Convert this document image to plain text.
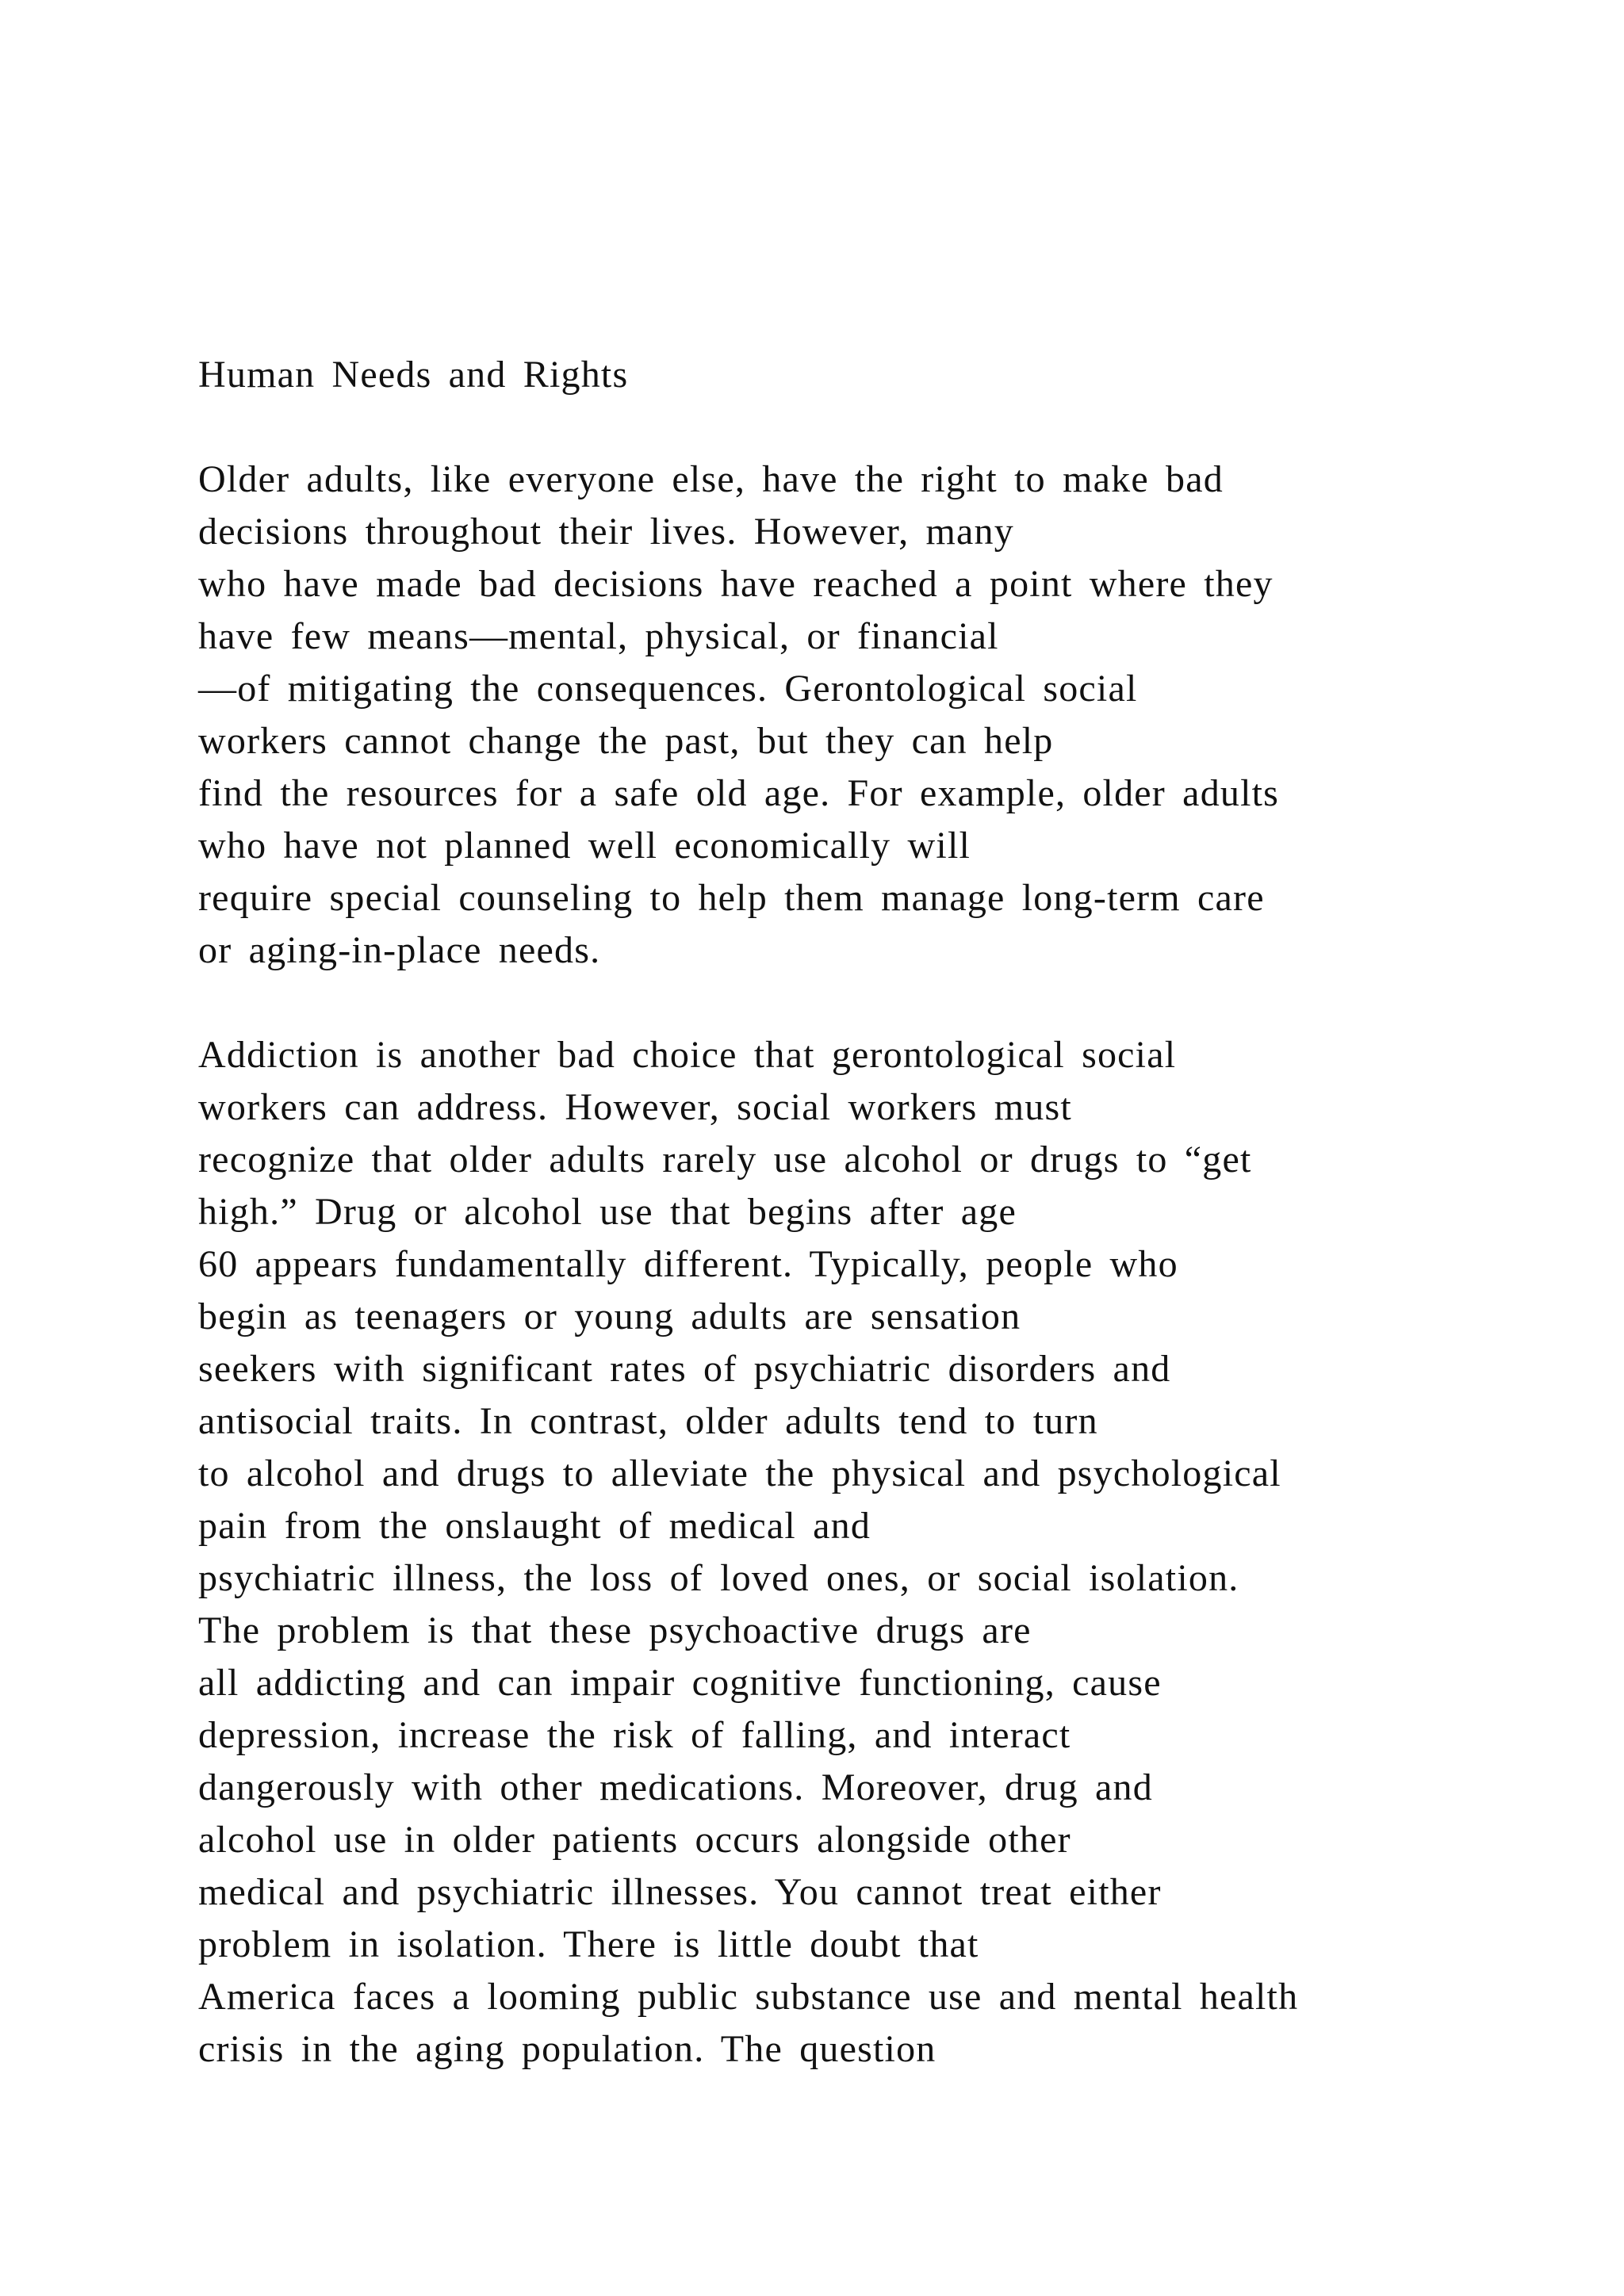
Human Needs and Rights
Older adults, like everyone else, have the right to make bad
decisions throughout their lives. However, many
who have made bad decisions have reached a point where they
have few means—mental, physical, or financial
—of mitigating the consequences. Gerontological social
workers cannot change the past, but they can help
find the resources for a safe old age. For example, older adults
who have not planned well economically will
require special counseling to help them manage long-term care
or aging-in-place needs.
Addiction is another bad choice that gerontological social
workers can address. However, social workers must
recognize that older adults rarely use alcohol or drugs to “get
high.” Drug or alcohol use that begins after age
60 appears fundamentally different. Typically, people who
begin as teenagers or young adults are sensation
seekers with significant rates of psychiatric disorders and
antisocial traits. In contrast, older adults tend to turn
to alcohol and drugs to alleviate the physical and psychological
pain from the onslaught of medical and
psychiatric illness, the loss of loved ones, or social isolation.
The problem is that these psychoactive drugs are
all addicting and can impair cognitive functioning, cause
depression, increase the risk of falling, and interact
dangerously with other medications. Moreover, drug and
alcohol use in older patients occurs alongside other
medical and psychiatric illnesses. You cannot treat either
problem in isolation. There is little doubt that
America faces a looming public substance use and mental health
crisis in the aging population. The question
